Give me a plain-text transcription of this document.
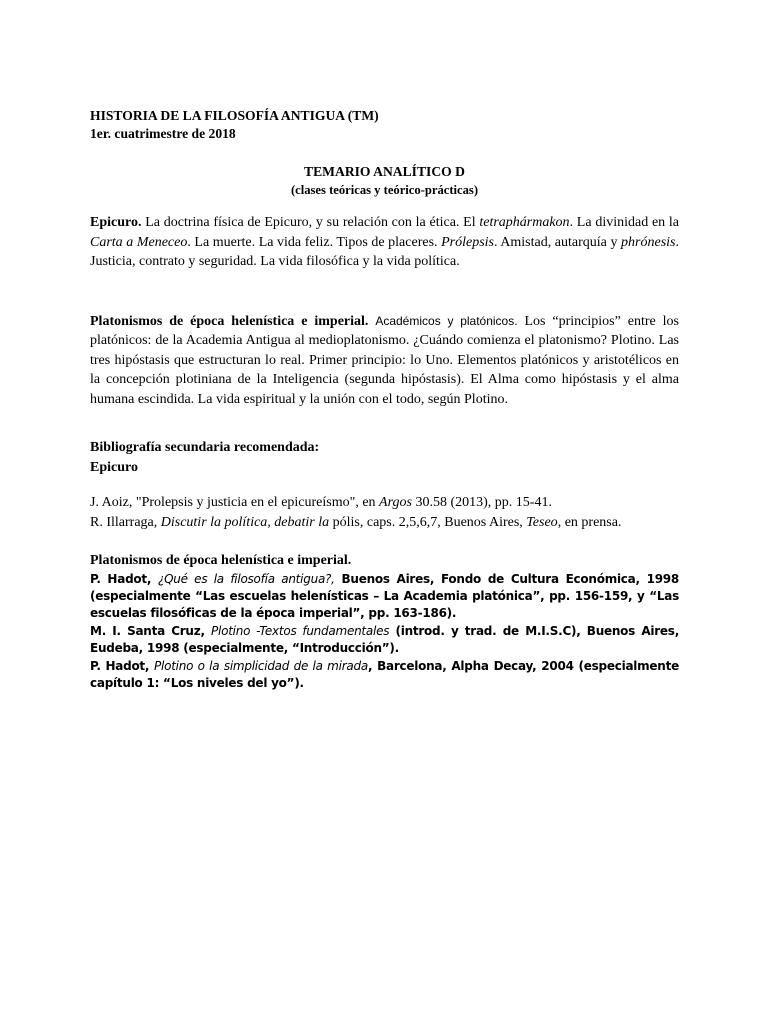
HISTORIA DE LA FILOSOFÍA ANTIGUA (TM)

1er. cuatrimestre de 2018

TEMARIO ANALÍTICO D

(clases teóricas y teórico-prácticas)

Epicuro. La doctrina física de Epicuro, y su relación con la ética. El tetraphármakon. La divinidad en la Carta a Meneceo. La muerte. La vida feliz. Tipos de placeres. Prólepsis. Amistad, autarquía y phrónesis. Justicia, contrato y seguridad. La vida filosófica y la vida política.

Platonismos de época helenística e imperial. Académicos y platónicos. Los “principios” entre los platónicos: de la Academia Antigua al medioplatonismo. ¿Cuándo comienza el platonismo? Plotino. Las tres hipóstasis que estructuran lo real. Primer principio: lo Uno. Elementos platónicos y aristotélicos en la concepción plotiniana de la Inteligencia (segunda hipóstasis). El Alma como hipóstasis y el alma humana escindida. La vida espiritual y la unión con el todo, según Plotino.

Bibliografía secundaria recomendada:

Epicuro

J. Aoiz, "Prolepsis y justicia en el epicureísmo", en Argos 30.58 (2013), pp. 15-41.

R. Illarraga, Discutir la política, debatir la pólis, caps. 2,5,6,7, Buenos Aires, Teseo, en prensa.

Platonismos de época helenística e imperial.

P. Hadot, ¿Qué es la filosofía antigua?, Buenos Aires, Fondo de Cultura Económica, 1998 (especialmente “Las escuelas helenísticas – La Academia platónica”, pp. 156-159, y “Las escuelas filosóficas de la época imperial”, pp. 163-186).

M. I. Santa Cruz, Plotino -Textos fundamentales (introd. y trad. de M.I.S.C), Buenos Aires, Eudeba, 1998 (especialmente, “Introducción”).

P. Hadot, Plotino o la simplicidad de la mirada, Barcelona, Alpha Decay, 2004 (especialmente capítulo 1: “Los niveles del yo”).
